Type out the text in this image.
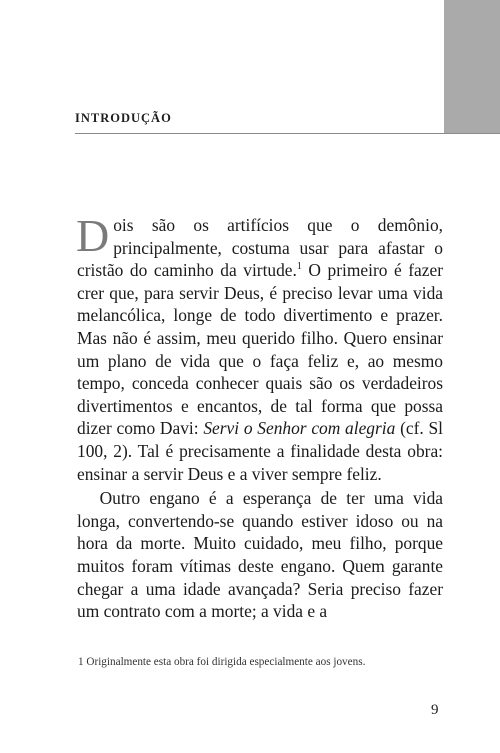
INTRODUÇÃO

Dois são os artifícios que o demônio, principalmente, costuma usar para afastar o cristão do caminho da virtude.$^1$ O primeiro é fazer crer que, para servir Deus, é preciso levar uma vida melancólica, longe de todo divertimento e prazer. Mas não é assim, meu querido filho. Quero ensinar um plano de vida que o faça feliz e, ao mesmo tempo, conceda conhecer quais são os verdadeiros divertimentos e encantos, de tal forma que possa dizer como Davi: Servi o Senhor com alegria (cf. Sl 100, 2). Tal é precisamente a finalidade desta obra: ensinar a servir Deus e a viver sempre feliz.

Outro engano é a esperança de ter uma vida longa, convertendo-se quando estiver idoso ou na hora da morte. Muito cuidado, meu filho, porque muitos foram vítimas deste engano. Quem garante chegar a uma idade avançada? Seria preciso fazer um contrato com a morte; a vida e a

1 Originalmente esta obra foi dirigida especialmente aos jovens.
9
